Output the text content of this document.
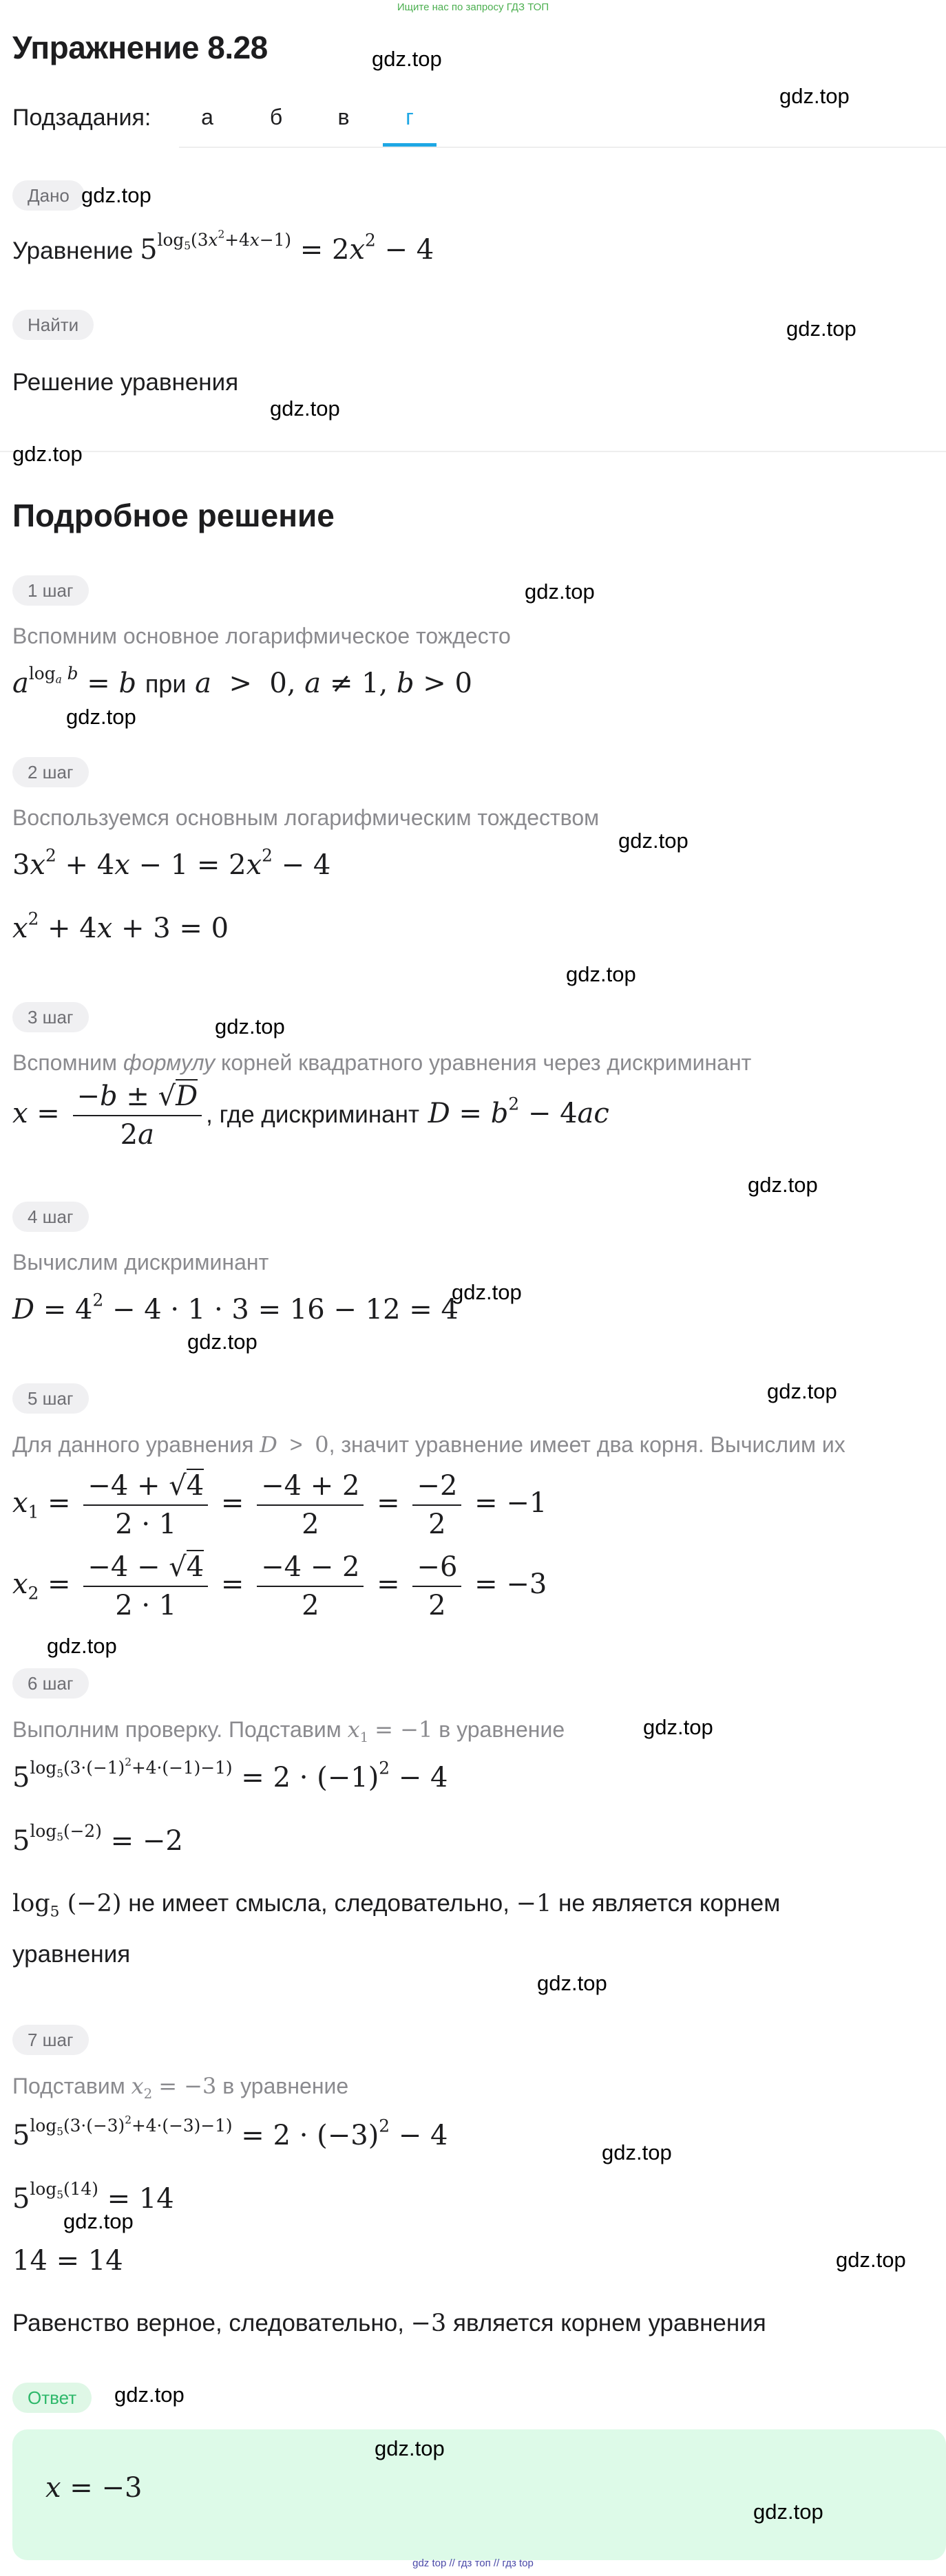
Ищите нас по запросу ГДЗ ТОП
Упражнение 8.28
Подзадания:	а	б	в	г
Дано
Уравнение $5^{log_5(3x^2+4x-1)} = 2x^2 - 4$
Найти
Решение уравнения
Подробное решение
1 шаг
Вспомним основное логарифмическое тождесто
$a^{log_a b} = b$ при a  >  0, a ≠ 1, b > 0
2 шаг
Воспользуемся основным логарифмическим тождеством
$3x^2 + 4x - 1 = 2x^2 - 4$
$x^2 + 4x + 3 = 0$
3 шаг
Вспомним формулу корней квадратного уравнения через дискриминант
$x = \frac{-b \pm √D}{2a}$ , где дискриминант $D = b^2 - 4ac$
4 шаг
Вычислим дискриминант
$D = 4^2 - 4 \cdot 1 \cdot 3 = 16 - 12 = 4$
5 шаг
Для данного уравнения D  >  0, значит уравнение имеет два корня. Вычислим их
$x_1 = \frac{-4 + √4}{2 \cdot 1} = \frac{-4 + 2}{2} = \frac{-2}{2} = -1$
$x_2 = \frac{-4 - √4}{2 \cdot 1} = \frac{-4 - 2}{2} = \frac{-6}{2} = -3$
6 шаг
Выполним проверку. Подставим $x_1 = -1$ в уравнение
$5^{log_5(3\cdot(-1)^2+4\cdot(-1)-1)} = 2 \cdot (-1)^2 - 4$
$5^{log_5(-2)} = -2$
$\log_5 (-2)$ не имеет смысла, следовательно, −1 не является корнем
уравнения
7 шаг
Подставим $x_2 = -3$ в уравнение
$5^{log_5(3\cdot(-3)^2+4\cdot(-3)-1)} = 2 \cdot (-3)^2 - 4$
$5^{log_5(14)} = 14$
14 = 14
Равенство верное, следовательно, −3 является корнем уравнения
Ответ
x = −3
gdz.top
gdz.top
gdz.top
gdz.top
gdz.top
gdz.top
gdz.top
gdz.top
gdz.top
gdz.top
gdz.top
gdz.top
gdz.top
gdz.top
gdz.top
gdz.top
gdz.top
gdz.top
gdz.top
gdz.top
gdz.top
gdz.top
gdz.top
gdz.top
gdz top // гдз топ // гдз top
